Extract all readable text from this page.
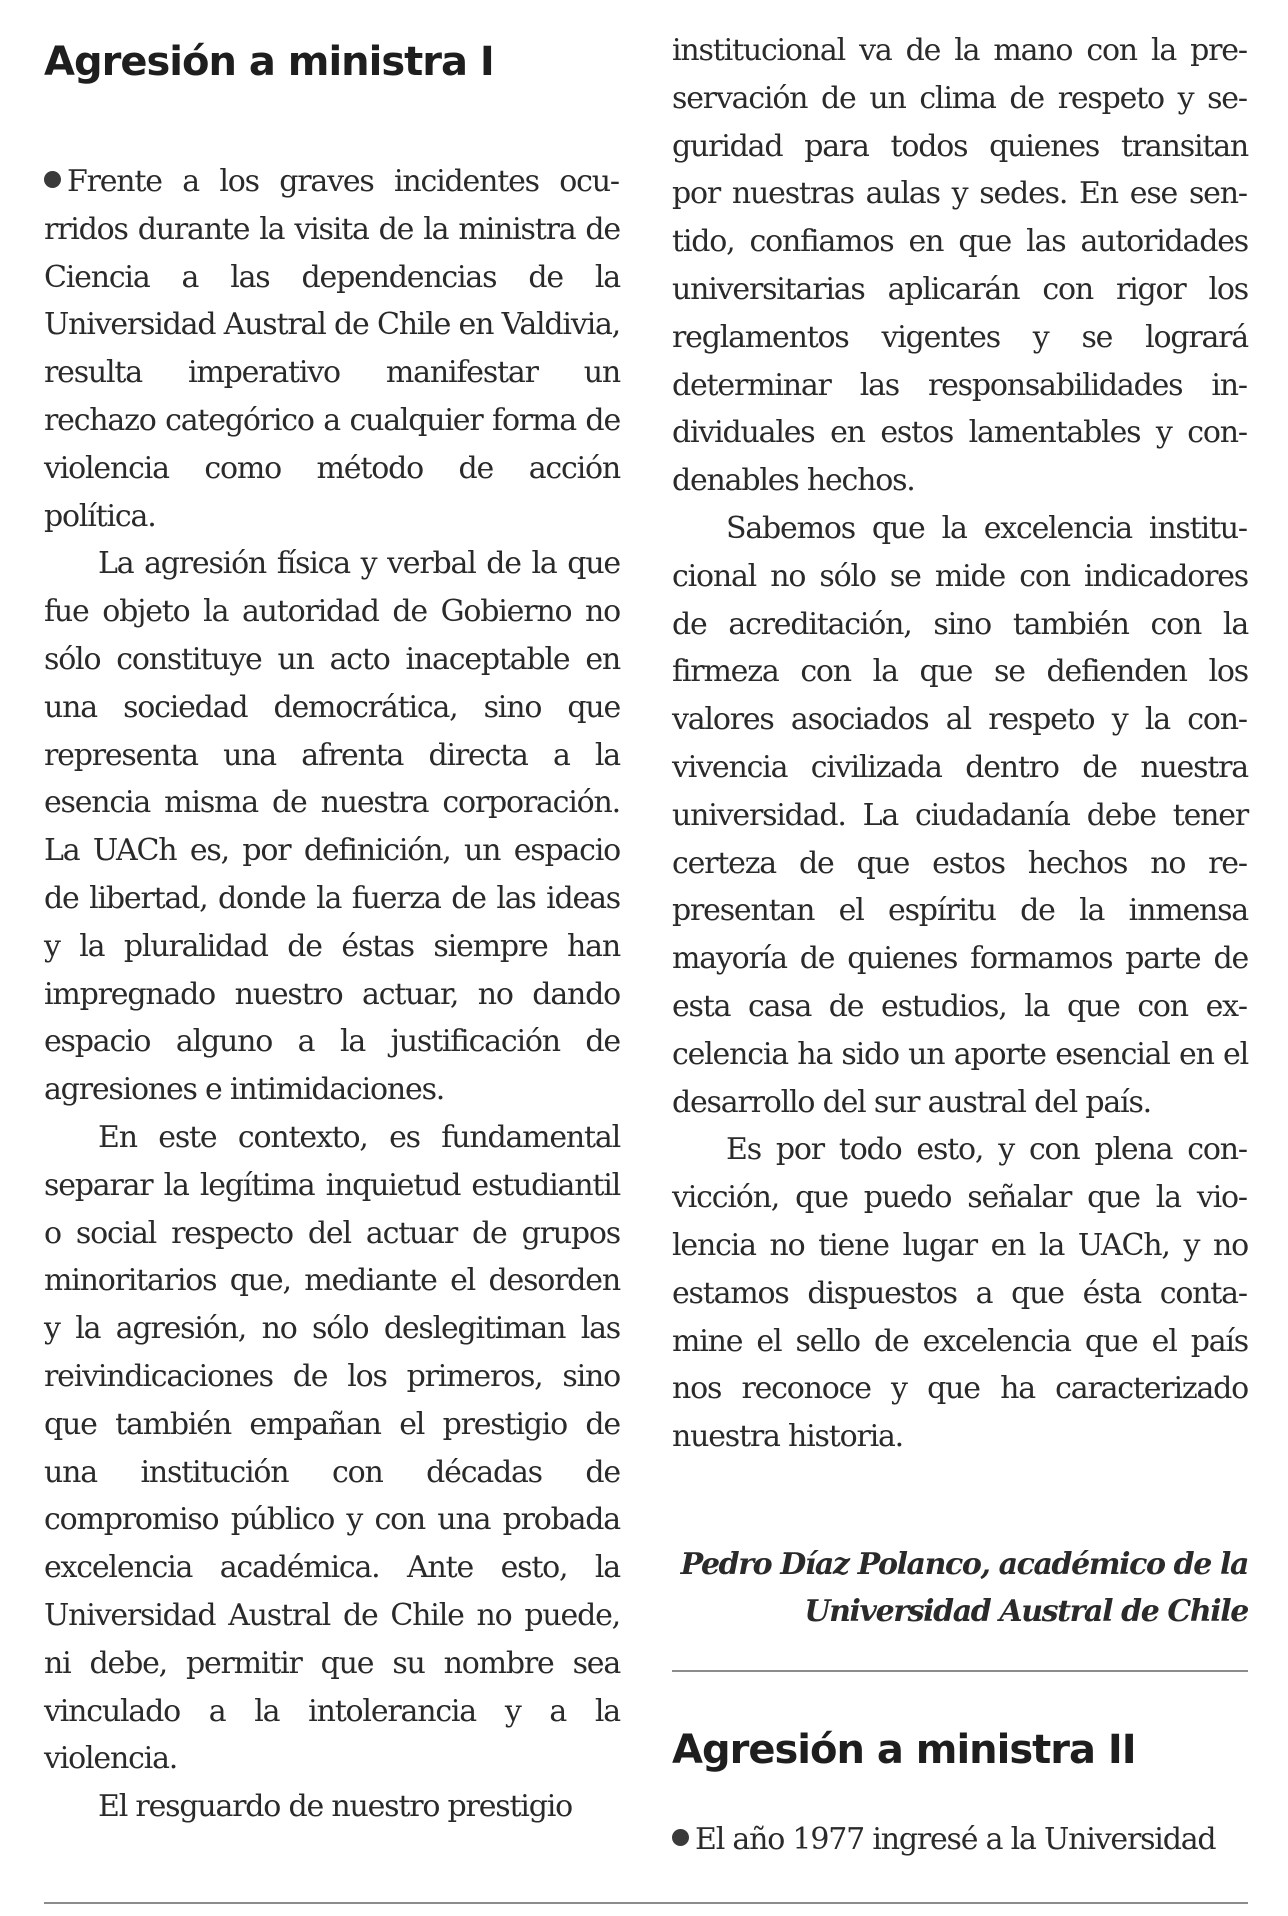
Agresión a ministra I

Frente a los graves incidentes ocurridos durante la visita de la ministra de Ciencia a las dependencias de la Universidad Austral de Chile en Valdivia, resulta imperativo manifestar un rechazo categórico a cualquier forma de violencia como método de acción política.

La agresión física y verbal de la que fue objeto la autoridad de Gobierno no sólo constituye un acto inaceptable en una sociedad democrática, sino que representa una afrenta directa a la esencia misma de nuestra corporación. La UACh es, por definición, un espacio de libertad, donde la fuerza de las ideas y la pluralidad de éstas siempre han impregnado nuestro actuar, no dando espacio alguno a la justificación de agresiones e intimidaciones.

En este contexto, es fundamental separar la legítima inquietud estudiantil o social respecto del actuar de grupos minoritarios que, mediante el desorden y la agresión, no sólo deslegitiman las reivindicaciones de los primeros, sino que también empañan el prestigio de una institución con décadas de compromiso público y con una probada excelencia académica. Ante esto, la Universidad Austral de Chile no puede, ni debe, permitir que su nombre sea vinculado a la intolerancia y a la violencia.

El resguardo de nuestro prestigio

institucional va de la mano con la preservación de un clima de respeto y seguridad para todos quienes transitan por nuestras aulas y sedes. En ese sentido, confiamos en que las autoridades universitarias aplicarán con rigor los reglamentos vigentes y se logrará determinar las responsabilidades individuales en estos lamentables y condenables hechos.

Sabemos que la excelencia institucional no sólo se mide con indicadores de acreditación, sino también con la firmeza con la que se defienden los valores asociados al respeto y la convivencia civilizada dentro de nuestra universidad. La ciudadanía debe tener certeza de que estos hechos no representan el espíritu de la inmensa mayoría de quienes formamos parte de esta casa de estudios, la que con excelencia ha sido un aporte esencial en el desarrollo del sur austral del país.

Es por todo esto, y con plena convicción, que puedo señalar que la violencia no tiene lugar en la UACh, y no estamos dispuestos a que ésta contamine el sello de excelencia que el país nos reconoce y que ha caracterizado nuestra historia.

Pedro Díaz Polanco, académico de la Universidad Austral de Chile
Agresión a ministra II

El año 1977 ingresé a la Universidad
